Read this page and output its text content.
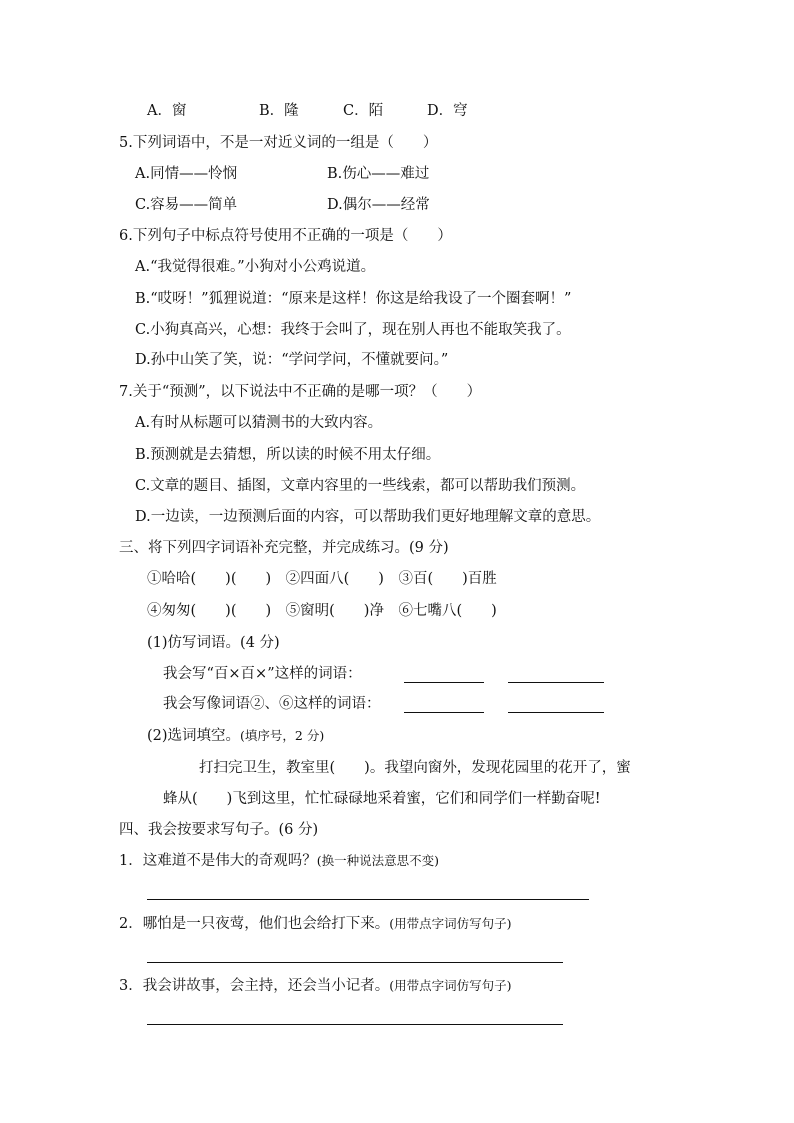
A．窗	B．隆	C．陌	D．穹
5.下列词语中，不是一对近义词的一组是（　　）
A.同情——怜悯	B.伤心——难过
C.容易——简单	D.偶尔——经常
6.下列句子中标点符号使用不正确的一项是（　　）
A.“我觉得很难。”小狗对小公鸡说道。
B.“哎呀！”狐狸说道：“原来是这样！你这是给我设了一个圈套啊！”
C.小狗真高兴，心想：我终于会叫了，现在别人再也不能取笑我了。
D.孙中山笑了笑，说：“学问学问，不懂就要问。”
7.关于“预测”，以下说法中不正确的是哪一项？（　　）
A.有时从标题可以猜测书的大致内容。
B.预测就是去猜想，所以读的时候不用太仔细。
C.文章的题目、插图，文章内容里的一些线索，都可以帮助我们预测。
D.一边读，一边预测后面的内容，可以帮助我们更好地理解文章的意思。
三、将下列四字词语补充完整，并完成练习。(9 分)
①哈哈(　　)(　　)　②四面八(　　)　③百(　　)百胜
④匆匆(　　)(　　)　⑤窗明(　　)净　⑥七嘴八(　　)
(1)仿写词语。(4 分)
我会写“百×百×”这样的词语：
我会写像词语②、⑥这样的词语：
(2)选词填空。(填序号，2 分)
打扫完卫生，教室里(　　)。我望向窗外，发现花园里的花开了，蜜
蜂从(　　)飞到这里，忙忙碌碌地采着蜜，它们和同学们一样勤奋呢!
四、我会按要求写句子。(6 分)
1．这难道不是伟大的奇观吗？(换一种说法意思不变)
2．哪怕是一只夜莺，他们也会给打下来。(用带点字词仿写句子)
3．我会讲故事，会主持，还会当小记者。(用带点字词仿写句子)
